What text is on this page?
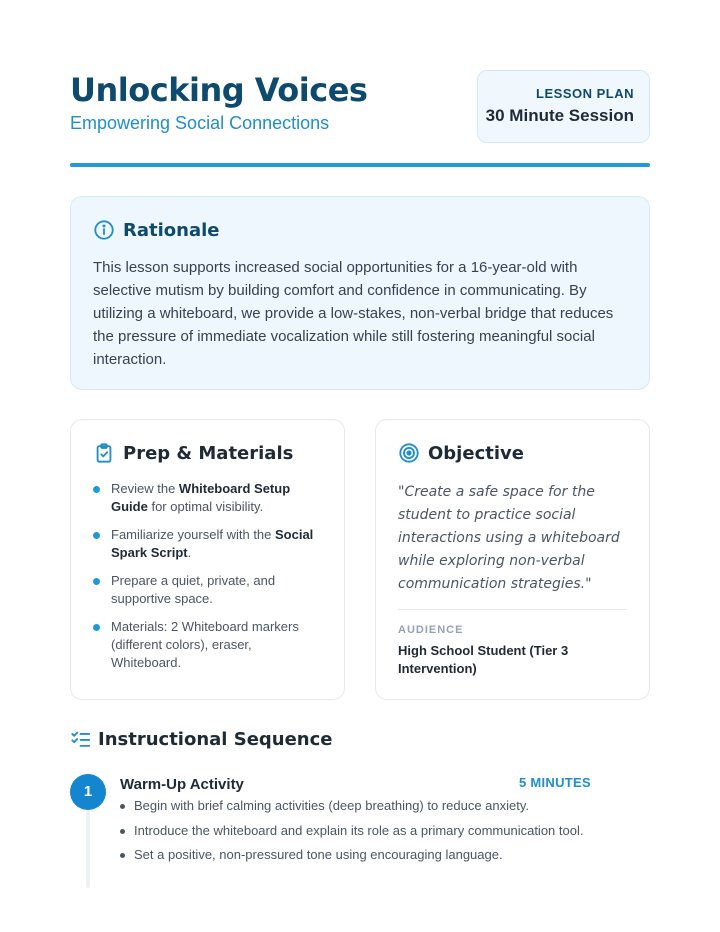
Unlocking Voices
Empowering Social Connections
LESSON PLAN
30 Minute Session
Rationale

This lesson supports increased social opportunities for a 16-year-old with selective mutism by building comfort and confidence in communicating. By utilizing a whiteboard, we provide a low-stakes, non-verbal bridge that reduces the pressure of immediate vocalization while still fostering meaningful social interaction.

Prep & Materials
Review the Whiteboard Setup Guide for optimal visibility.
Familiarize yourself with the Social Spark Script.
Prepare a quiet, private, and supportive space.
Materials: 2 Whiteboard markers (different colors), eraser, Whiteboard.
Objective

"Create a safe space for the student to practice social interactions using a whiteboard while exploring non-verbal communication strategies."

AUDIENCE
High School Student (Tier 3 Intervention)
Instructional Sequence
1	Warm-Up Activity	5 MINUTES
Begin with brief calming activities (deep breathing) to reduce anxiety.
Introduce the whiteboard and explain its role as a primary communication tool.
Set a positive, non-pressured tone using encouraging language.
